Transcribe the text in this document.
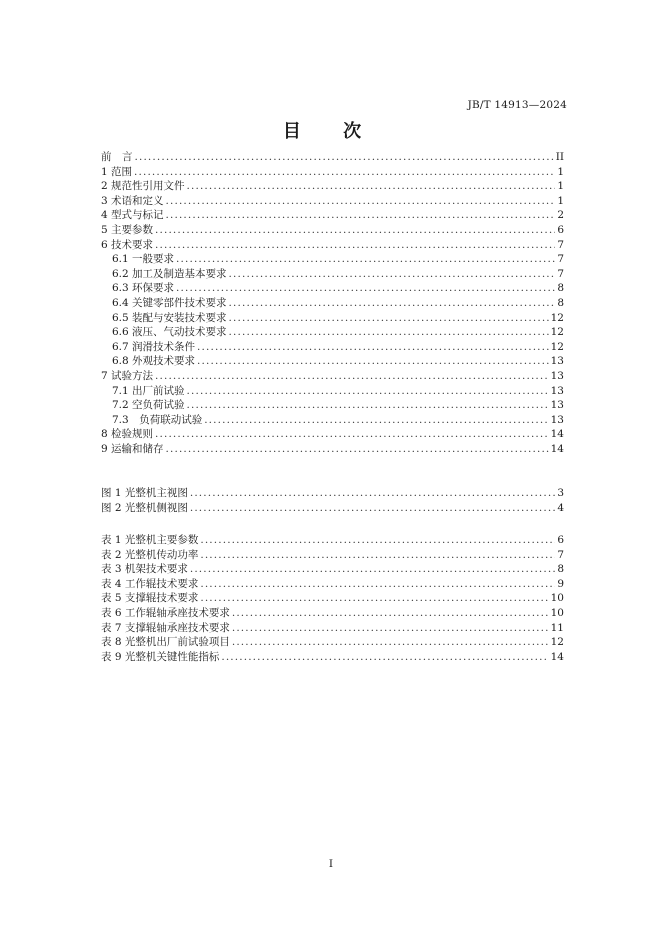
JB/T 14913—2024
目 次
前　言 . . .	II
1 范围 . . .	1
2 规范性引用文件 . . .	1
3 术语和定义 . . .	1
4 型式与标记 . . .	2
5 主要参数 . . .	6
6 技术要求 . . .	7
6.1 一般要求 . . .	7
6.2 加工及制造基本要求 . . .	7
6.3 环保要求 . . .	8
6.4 关键零部件技术要求 . . .	8
6.5 装配与安装技术要求 . . .	12
6.6 液压、气动技术要求 . . .	12
6.7 润滑技术条件 . . .	12
6.8 外观技术要求 . . .	13
7 试验方法 . . .	13
7.1 出厂前试验 . . .	13
7.2 空负荷试验 . . .	13
7.3　负荷联动试验 . . .	13
8 检验规则 . . .	14
9 运输和储存 . . .	14
图 1 光整机主视图 . . .	3
图 2 光整机侧视图 . . .	4
表 1 光整机主要参数 . . .	6
表 2 光整机传动功率 . . .	7
表 3 机架技术要求 . . .	8
表 4 工作辊技术要求 . . .	9
表 5 支撑辊技术要求 . . .	10
表 6 工作辊轴承座技术要求 . . .	10
表 7 支撑辊轴承座技术要求 . . .	11
表 8 光整机出厂前试验项目 . . .	12
表 9 光整机关键性能指标 . . .	14
I
